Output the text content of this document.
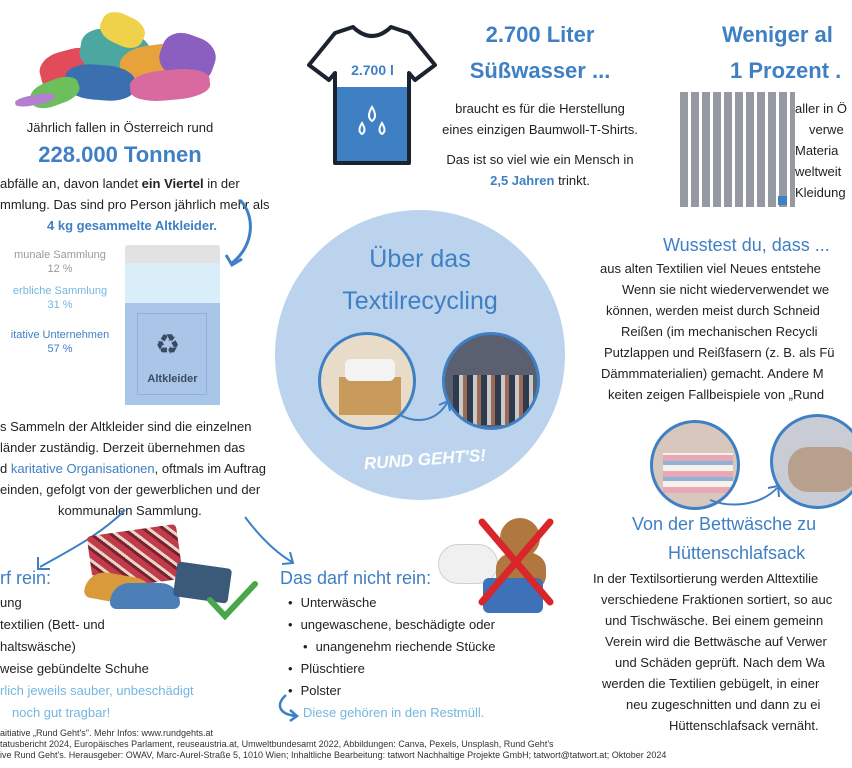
Jährlich fallen in Österreich rund
228.000 Tonnen
abfälle an, davon landet ein Viertel in der
mmlung. Das sind pro Person jährlich mehr als
4 kg gesammelte Altkleider.
munale Sammlung
12 %
erbliche Sammlung
31 %
itative Unternehmen
57 %	♻
Altkleider
s Sammeln der Altkleider sind die einzelnen
länder zuständig. Derzeit übernehmen das
d karitative Organisationen, oftmals im Auftrag
einden, gefolgt von der gewerblichen und der
kommunalen Sammlung.
rf rein:
ung
textilien (Bett- und
haltswäsche)
weise gebündelte Schuhe
rlich jeweils sauber, unbeschädigt
noch gut tragbar!
2.700 l
2.700 Liter
Süßwasser ...
braucht es für die Herstellung
eines einzigen Baumwoll-T-Shirts.
Das ist so viel wie ein Mensch in
2,5 Jahren trinkt.
Über das
Textilrecycling
RUND GEHT'S!
Das darf nicht rein:
• Unterwäsche
• ungewaschene, beschädigte oder
• unangenehm riechende Stücke
• Plüschtiere
• Polster
Diese gehören in den Restmüll.
Weniger al
1 Prozent .
aller in Ö
verwe
Materia
weltweit
Kleidung
Wusstest du, dass ...
aus alten Textilien viel Neues entstehe
Wenn sie nicht wiederverwendet we
können, werden meist durch Schneid
Reißen (im mechanischen Recycli
Putzlappen und Reißfasern (z. B. als Fü
Dämmmaterialien) gemacht. Andere M
keiten zeigen Fallbeispiele von „Rund
Von der Bettwäsche zu
Hüttenschlafsack
In der Textilsortierung werden Alttextilie
verschiedene Fraktionen sortiert, so auc
und Tischwäsche. Bei einem gemeinn
Verein wird die Bettwäsche auf Verwer
und Schäden geprüft. Nach dem Wa
werden die Textilien gebügelt, in einer
neu zugeschnitten und dann zu ei
Hüttenschlafsack vernäht.
aitiative „Rund Geht's". Mehr Infos: www.rundgehts.at
tatusbericht 2024, Europäisches Parlament, reuseaustria.at, Umweltbundesamt 2022, Abbildungen: Canva, Pexels, Unsplash, Rund Geht's
ive Rund Geht's. Herausgeber: OWAV, Marc-Aurel-Straße 5, 1010 Wien; Inhaltliche Bearbeitung: tatwort Nachhaltige Projekte GmbH; tatwort@tatwort.at; Oktober 2024
